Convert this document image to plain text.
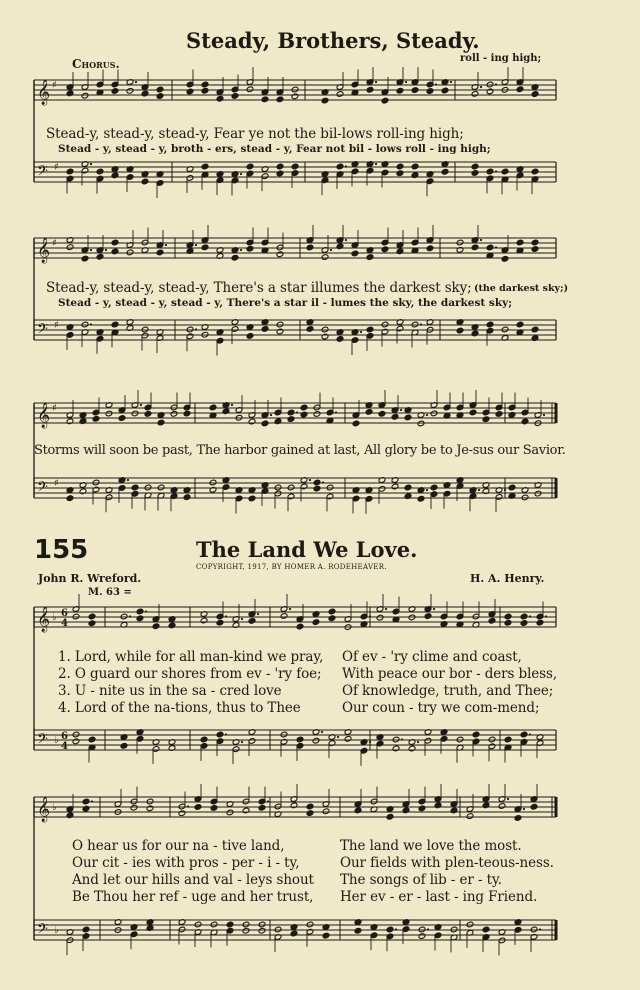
𝄞 ♯
𝄢 ♯
𝄞 ♯
𝄢 ♯
𝄞 ♯
𝄢 ♯
𝄞 ♭ 6
4
𝄢 ♭ 6
4
𝄞 ♭
𝄢 ♭
Steady, Brothers, Steady.
Chorus.	roll - ing high;
Stead-y, stead-y, stead-y, Fear ye not the bil-lows roll-ing high;
Stead - y, stead - y, broth - ers, stead - y, Fear not bil - lows roll - ing high;
Stead-y, stead-y, stead-y, There's a star illumes the darkest sky; (the darkest sky;)
Stead - y, stead - y, stead - y, There's a star il - lumes the sky, the darkest sky;
Storms will soon be past, The harbor gained at last, All glory be to Je-sus our Savior.
155	The Land We Love.
COPYRIGHT, 1917, BY HOMER A. RODEHEAVER.
John R. Wreford.	H. A. Henry.
M. 63 =
1. Lord, while for all man-kind we pray, Of ev - 'ry clime and coast,
2. O guard our shores from ev - 'ry foe; With peace our bor - ders bless,
3. U - nite us in the sa - cred love	Of knowledge, truth, and Thee;
4. Lord of the na-tions, thus to Thee	Our coun - try we com-mend;
O hear us for our na - tive land,	The land we love the most.
Our cit - ies with pros - per - i - ty,	Our fields with plen-teous-ness.
And let our hills and val - leys shout The songs of lib - er - ty.
Be Thou her ref - uge and her trust, Her ev - er - last - ing Friend.
